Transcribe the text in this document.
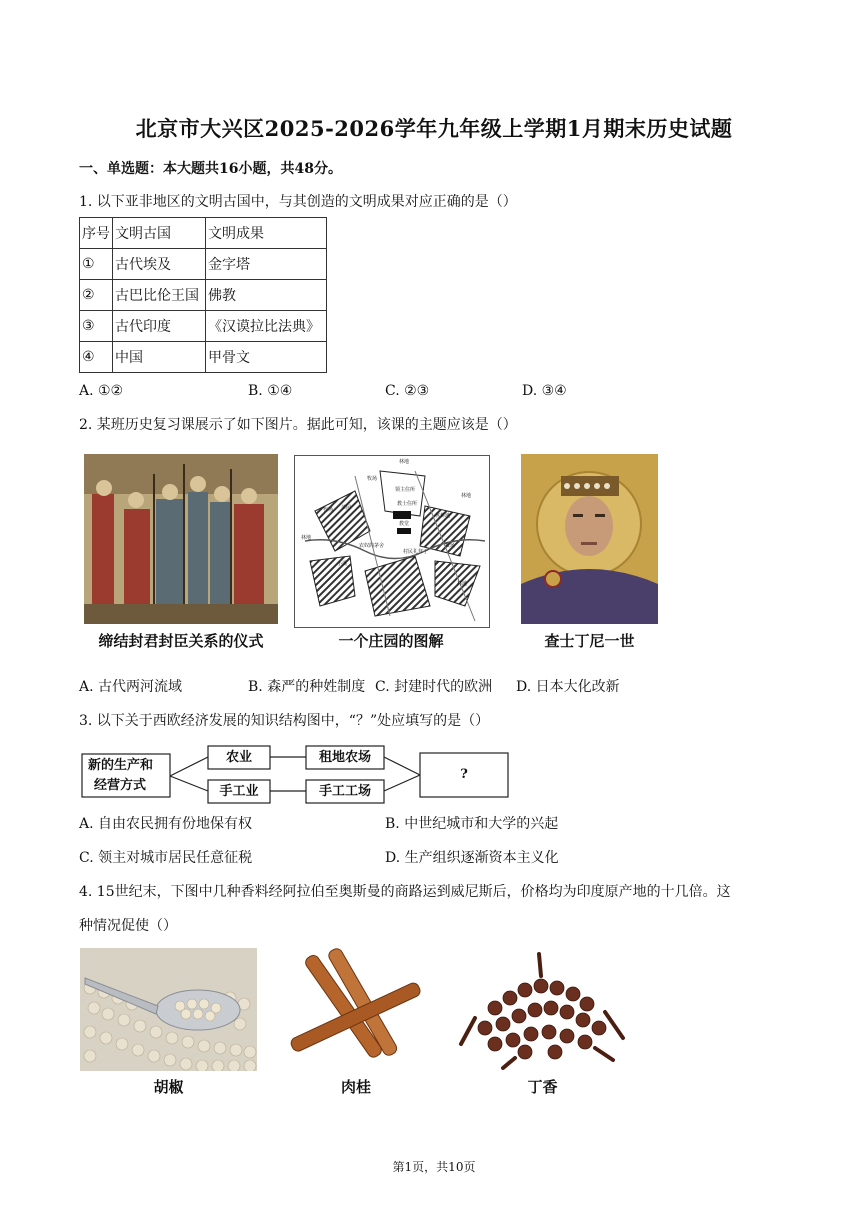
北京市大兴区2025-2026学年九年级上学期1月期末历史试题
一、单选题：本大题共16小题，共48分。
1. 以下亚非地区的文明古国中，与其创造的文明成果对应正确的是（）
序号	文明古国	文明成果
①	古代埃及	金字塔
②	古巴比伦王国	佛教
③	古代印度	《汉谟拉比法典》
④	中国	甲骨文
A. ①②	B. ①④	C. ②③	D. ③④
2. 某班历史复习课展示了如下图片。据此可知，该课的主题应该是（）
缔结封君封臣关系的仪式
林地
牧场
领主住所
林地
教士住所
教堂
菜园
牧场
休耕地
林地
农奴的茅舍
村民礼拜于
牧场
小溪
林地
一个庄园的图解	查士丁尼一世
A. 古代两河流域	B. 森严的种姓制度 C. 封建时代的欧洲 D. 日本大化改新
3. 以下关于西欧经济发展的知识结构图中，“？”处应填写的是（）
新的生产和
经营方式
农业
手工业
租地农场
手工工场
?
A. 自由农民拥有份地保有权	B. 中世纪城市和大学的兴起
C. 领主对城市居民任意征税	D. 生产组织逐渐资本主义化
4. 15世纪末，下图中几种香料经阿拉伯至奥斯曼的商路运到威尼斯后，价格均为印度原产地的十几倍。这
种情况促使（）
胡椒	肉桂	丁香
第1页，共10页
